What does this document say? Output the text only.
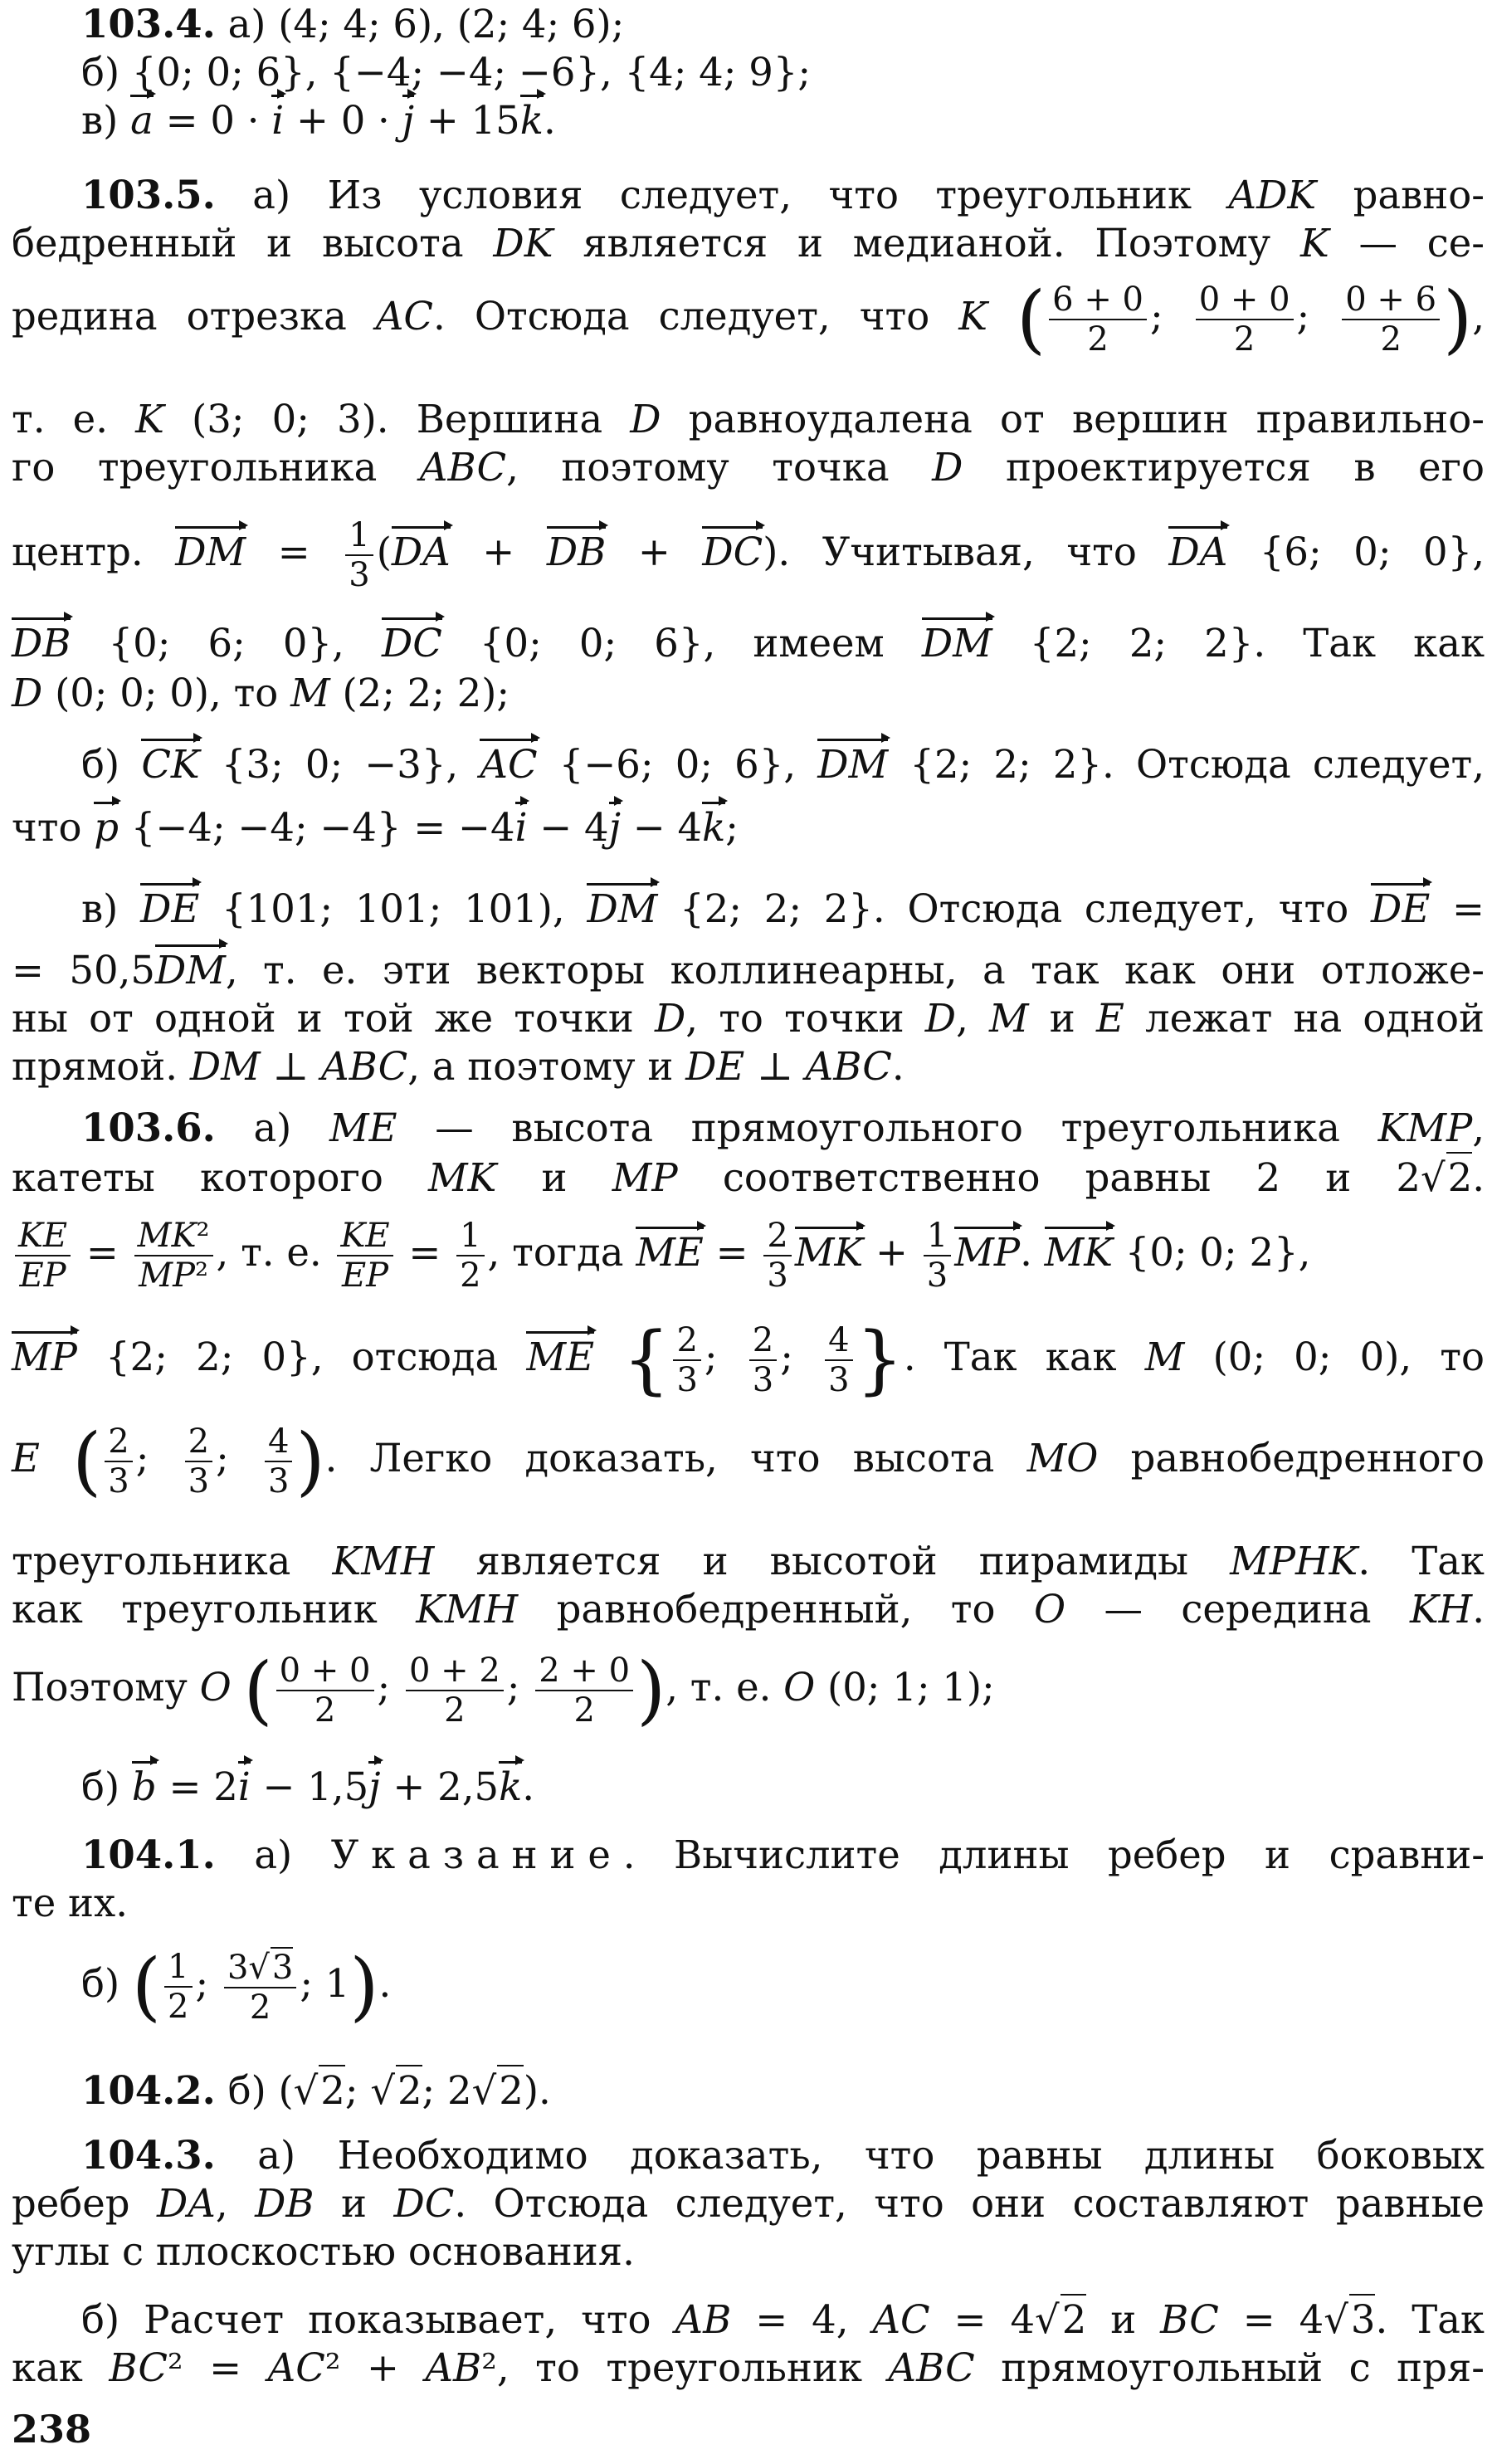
103.4. а) (4; 4; 6), (2; 4; 6);
б) {0; 0; 6}, {−4; −4; −6}, {4; 4; 9};
в) a = 0 · i + 0 · j + 15k.
103.5. а) Из условия следует, что треугольник ADK равно-
бедренный и высота DK является и медианой. Поэтому K — се-
редина отрезка AC. Отсюда следует, что K ( $\frac{6 + 0}{2}$ ; $\frac{0 + 0}{2}$ ; $\frac{0 + 6}{2}$ ),
т. е. K (3; 0; 3). Вершина D равноудалена от вершин правильно-
го треугольника ABC, поэтому точка D проектируется в его
центр. DM = $\frac{1}{3} (DA$ + DB + DC). Учитывая, что DA {6; 0; 0},
DB {0; 6; 0}, DC {0; 0; 6}, имеем DM {2; 2; 2}. Так как
D (0; 0; 0), то M (2; 2; 2);
б) CK {3; 0; −3}, AC {−6; 0; 6}, DM {2; 2; 2}. Отсюда следует,
что p {−4; −4; −4} = −4i − 4j − 4k;
в) DE {101; 101; 101), DM {2; 2; 2}. Отсюда следует, что DE =
= 50,5DM, т. е. эти векторы коллинеарны, а так как они отложе-
ны от одной и той же точки D, то точки D, M и E лежат на одной
прямой. DM ⊥ ABC, а поэтому и DE ⊥ ABC.
103.6. а) ME — высота прямоугольного треугольника KMP,
катеты которого MK и MP соответственно равны 2 и 2√2.
$\frac{KE}{EP} = \frac{\text{MK²}}{\text{MP²}}$ , т. е. $\frac{KE}{EP} = \frac{1}{2}$ , тогда ME = $\frac{2}{3}$ MK + $\frac{1}{3}$ MP. MK {0; 0; 2},
MP {2; 2; 0}, отсюда ME { $\frac{2}{3}$ ; $\frac{2}{3}$ ; $\frac{4}{3}$ }. Так как M (0; 0; 0), то
E ( $\frac{2}{3}$ ; $\frac{2}{3}$ ; $\frac{4}{3}$ ). Легко доказать, что высота MO равнобедренного
треугольника KMH является и высотой пирамиды MPHK. Так
как треугольник KMH равнобедренный, то O — середина KH.
Поэтому O ( $\frac{0 + 0}{2}$ ; $\frac{0 + 2}{2}$ ; $\frac{2 + 0}{2}$ ), т. е. O (0; 1; 1);
б) b = 2i − 1,5j + 2,5k.
104.1. а) Указание. Вычислите длины ребер и сравни-
те их.
б) ( $\frac{1}{2}$ ; $\frac{3√3}{2}$ ; 1).
104.2. б) (√2; √2; 2√2).
104.3. а) Необходимо доказать, что равны длины боковых
ребер DA, DB и DC. Отсюда следует, что они составляют равные
углы с плоскостью основания.
б) Расчет показывает, что AB = 4, AC = 4√2 и BC = 4√3. Так
как BC² = AC² + AB², то треугольник ABC прямоугольный с пря-
238
